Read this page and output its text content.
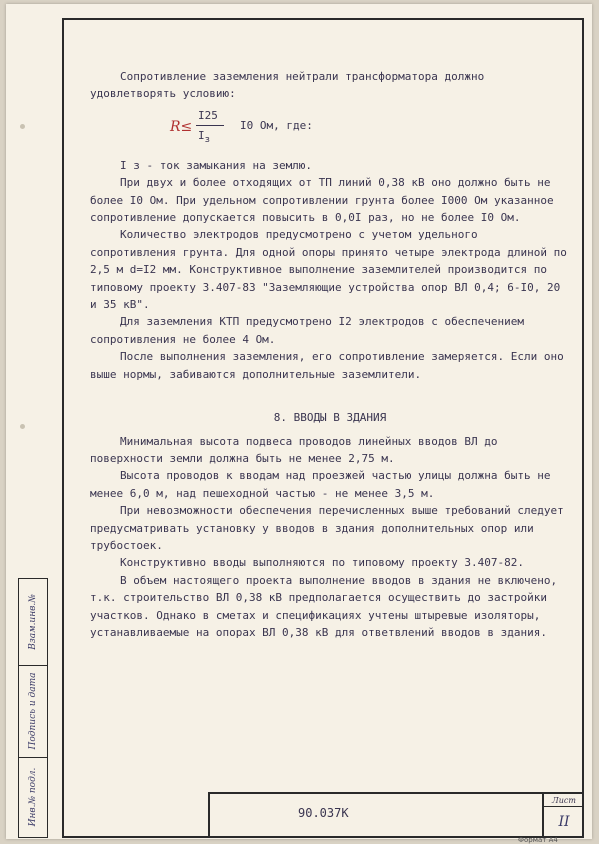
Взам.инв.№
Подпись и дата
Инв.№ подл.

Сопротивление заземления нейтрали трансформатора должно удовлетворять условию:

R≤
I25
$I_з$
I0 Ом, где:

I з - ток замыкания на землю.

При двух и более отходящих от ТП линий 0,38 кВ оно должно быть не более I0 Ом. При удельном сопротивлении грунта более I000 Ом указанное сопротивление допускается повысить в 0,0I раз, но не более I0 Ом.

Количество электродов предусмотрено с учетом удельного сопротивления грунта. Для одной опоры принято четыре электрода длиной по 2,5 м d=I2 мм. Конструктивное выполнение заземлителей производится по типовому проекту 3.407-83 "Заземляющие устройства опор ВЛ 0,4; 6-I0, 20 и 35 кВ".

Для заземления КТП предусмотрено I2 электродов с обеспечением сопротивления не более 4 Ом.

После выполнения заземления, его сопротивление замеряется. Если оно выше нормы, забиваются дополнительные заземлители.

8. ВВОДЫ В ЗДАНИЯ

Минимальная высота подвеса проводов линейных вводов ВЛ до поверхности земли должна быть не менее 2,75 м.

Высота проводов к вводам над проезжей частью улицы должна быть не менее 6,0 м, над пешеходной частью - не менее 3,5 м.

При невозможности обеспечения перечисленных выше требований следует предусматривать установку у вводов в здания дополнительных опор или трубостоек.

Конструктивно вводы выполняются по типовому проекту 3.407-82.

В объем настоящего проекта выполнение вводов в здания не включено, т.к. строительство ВЛ 0,38 кВ предполагается осуществить до застройки участков. Однако в сметах и спецификациях учтены штыревые изоляторы, устанавливаемые на опорах ВЛ 0,38 кВ для ответвлений вводов в здания.

90.037К
Лист
II
Формат А4
